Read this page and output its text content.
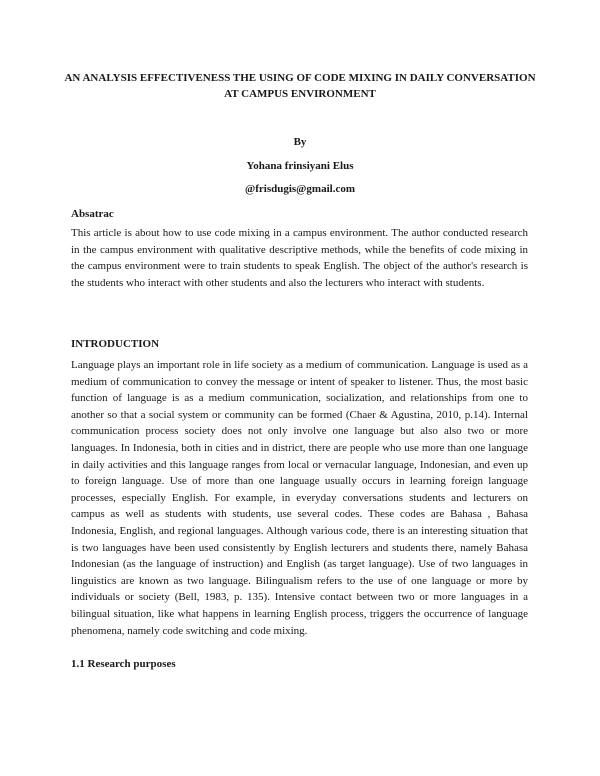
AN ANALYSIS EFFECTIVENESS THE USING OF CODE MIXING IN DAILY CONVERSATION AT CAMPUS ENVIRONMENT
By
Yohana frinsiyani Elus
@frisdugis@gmail.com
Absatrac
This article is about how to use code mixing in a campus environment. The author conducted research in the campus environment with qualitative descriptive methods, while the benefits of code mixing in the campus environment were to train students to speak English. The object of the author's research is the students who interact with other students and also the lecturers who interact with students.
INTRODUCTION
Language plays an important role in life society as a medium of communication. Language is used as a medium of communication to convey the message or intent of speaker to listener. Thus, the most basic function of language is as a medium communication, socialization, and relationships from one to another so that a social system or community can be formed (Chaer & Agustina, 2010, p.14). Internal communication process society does not only involve one language but also also two or more languages. In Indonesia, both in cities and in district, there are people who use more than one language in daily activities and this language ranges from local or vernacular language, Indonesian, and even up to foreign language. Use of more than one language usually occurs in learning foreign language processes, especially English. For example, in everyday conversations students and lecturers on campus as well as students with students, use several codes. These codes are Bahasa , Bahasa Indonesia, English, and regional languages. Although various code, there is an interesting situation that is two languages have been used consistently by English lecturers and students there, namely Bahasa Indonesian (as the language of instruction) and English (as target language). Use of two languages in linguistics are known as two language. Bilingualism refers to the use of one language or more by individuals or society (Bell, 1983, p. 135). Intensive contact between two or more languages in a bilingual situation, like what happens in learning English process, triggers the occurrence of language phenomena, namely code switching and code mixing.
1.1 Research purposes
